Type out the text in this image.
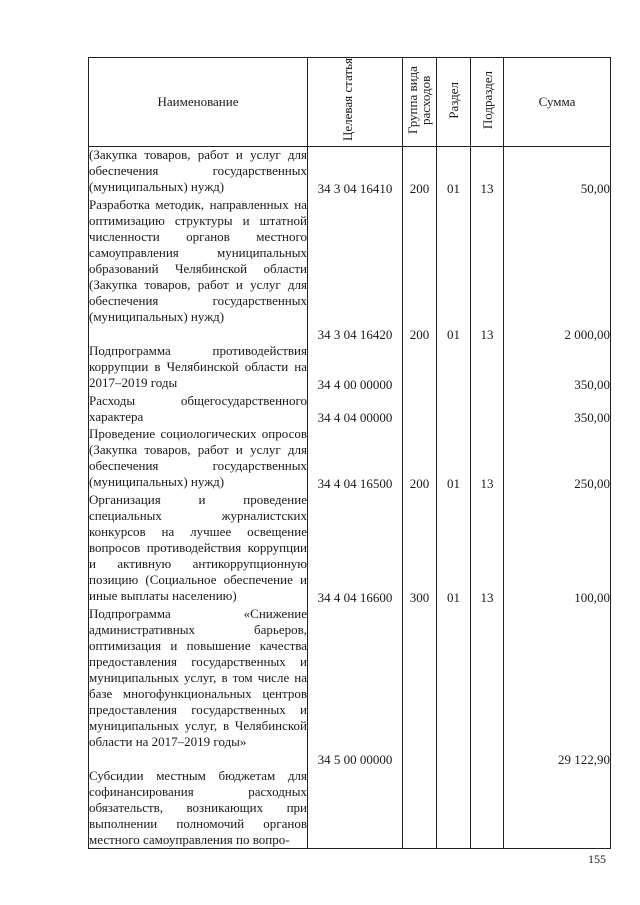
Наименование	Целевая статья	Группа вида расходов	Раздел	Подраздел	Сумма
(Закупка товаров, работ и услуг для обеспечения государственных (муниципальных) нужд)	34 3 04 16410	200	01	13	50,00
Разработка методик, направленных на оптимизацию структуры и штатной численности органов местного самоуправления муниципальных образований Челябинской области (Закупка товаров, работ и услуг для обеспечения государственных (муниципальных) нужд)	34 3 04 16420	200	01	13	2 000,00
Подпрограмма противодействия коррупции в Челябинской области на 2017–2019 годы	34 4 00 00000				350,00
Расходы общегосударственного характера	34 4 04 00000				350,00
Проведение социологических опросов (Закупка товаров, работ и услуг для обеспечения государственных (муниципальных) нужд)	34 4 04 16500	200	01	13	250,00
Организация и проведение специальных журналистских конкурсов на лучшее освещение вопросов противодействия коррупции и активную антикоррупционную позицию (Социальное обеспечение и иные выплаты населению)	34 4 04 16600	300	01	13	100,00
Подпрограмма «Снижение административных барьеров, оптимизация и повышение качества предоставления государственных и муниципальных услуг, в том числе на базе многофункциональных центров предоставления государственных и муниципальных услуг, в Челябинской области на 2017–2019 годы»	34 5 00 00000				29 122,90
Субсидии местным бюджетам для софинансирования расходных обязательств, возникающих при выполнении полномочий органов местного самоуправления по вопро-					
155
